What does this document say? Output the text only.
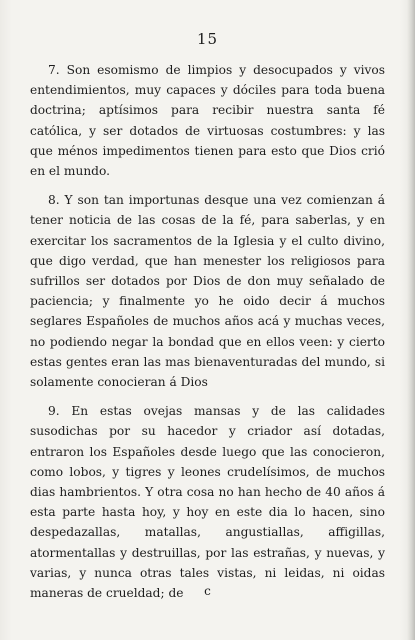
15

7. Son esomismo de limpios y desocupados y vivos entendimientos, muy capaces y dóciles para toda buena doctrina; aptísimos para recibir nuestra santa fé católica, y ser dotados de virtuosas costumbres: y las que ménos impedimentos tienen para esto que Dios crió en el mundo.

8. Y son tan importunas desque una vez comienzan á tener noticia de las cosas de la fé, para saberlas, y en exercitar los sacramentos de la Iglesia y el culto divino, que digo verdad, que han menester los religiosos para sufrillos ser dotados por Dios de don muy señalado de paciencia; y finalmente yo he oido decir á muchos seglares Españoles de muchos años acá y muchas veces, no podiendo negar la bondad que en ellos veen: y cierto estas gentes eran las mas bienaventuradas del mundo, si solamente conocieran á Dios

9. En estas ovejas mansas y de las calidades susodichas por su hacedor y criador así dotadas, entraron los Españoles desde luego que las conocieron, como lobos, y tigres y leones crudelísimos, de muchos dias hambrientos. Y otra cosa no han hecho de 40 años á esta parte hasta hoy, y hoy en este dia lo hacen, sino despedazallas, matallas, angustiallas, affigillas, atormentallas y destruillas, por las estrañas, y nuevas, y varias, y nunca otras tales vistas, ni leidas, ni oidas maneras de crueldad; de	c
